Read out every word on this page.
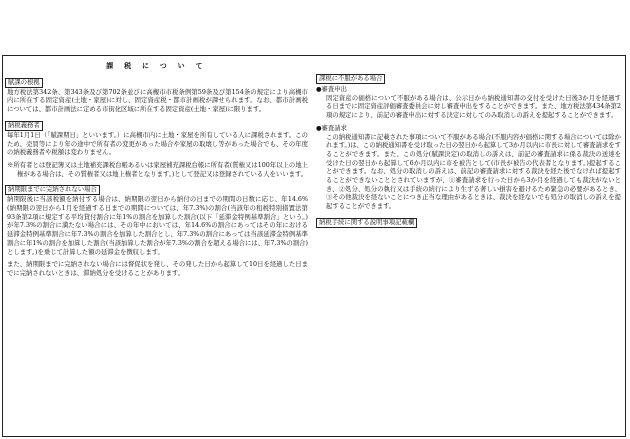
課 税 に つ い て
賦課の根拠

地方税法第342条、第343条及び第702条並びに高槻市市税条例第59条及び第154条の規定により高槻市内に所在する固定資産(土地・家屋)に対し、固定資産税・都市計画税が課せられます。なお、都市計画税については、都市計画法に定める市街化区域に所在する固定資産(土地・家屋)に限ります。

納税義務者

毎年1月1日（「賦課期日」といいます。）に高槻市内に土地・家屋を所有している人に課税されます。このため、売買等により年の途中で所有者の変更があった場合や家屋の取壊し等があった場合でも、その年度の納税義務者や税額は変わりません。

※所有者とは登記簿又は土地補充課税台帳あるいは家屋補充課税台帳に所有者(質権又は100年以上の地上権がある場合は、その質権者又は地上権者となります。)として登記又は登録されている人をいいます。

納期限までに完納されない場合

納期限後に当該税額を納付する場合は、納期限の翌日から納付の日までの期間の日数に応じ、年14.6%(納期限の翌日から1月を経過する日までの期間については、年7.3%)の割合(当該年の租税特別措置法第93条第2項に規定する平均貸付割合に年1%の割合を加算した割合(以下「延滞金特例基準割合」という。)が年7.3%の割合に満たない場合には、その年中においては、年14.6%の割合にあってはその年における延滞金特例基準割合に年7.3%の割合を加算した割合とし、年7.3%の割合にあっては当該延滞金特例基準割合に年1%の割合を加算した割合(当該加算した割合が年7.3%の割合を超える場合には、年7.3%の割合)とします。)を乗じて計算した額の延滞金を徴収します。

また、納期限までに完納されない場合には督促状を発し、その発した日から起算して10日を経過した日までに完納されないときは、滞納処分を受けることがあります。

課税に不服がある場合
●審査申出

固定資産の価格について不服がある場合は、公示日から納税通知書の交付を受けた日後3か月を経過する日までに固定資産評価審査委員会に対し審査申出をすることができます。また、地方税法第434条第2項の規定により、前記の審査申出に対する決定に対してのみ取消しの訴えを提起することができます。

●審査請求

この納税通知書に記載された事項について不服がある場合(不服内容が価格に関する場合については除かれます。)は、この納税通知書を受け取った日の翌日から起算して3か月以内に市長に対して審査請求をすることができます。また、この処分(賦課決定)の取消しの訴えは、前記の審査請求に係る裁決の送達を受けた日の翌日から起算して6か月以内に市を被告として(市長が被告の代表者となります。)提起することができます。なお、処分の取消しの訴えは、前記の審査請求に対する裁決を経た後でなければ提起することができないこととされていますが、①審査請求を行った日から3か月を経過しても裁決がないとき、②処分、処分の執行又は手続の続行により生ずる著しい損害を避けるため緊急の必要があるとき、③その他裁決を経ないことにつき正当な理由があるときは、裁決を経ないでも処分の取消しの訴えを提起することができます。

納税手続に関する説明事項記載欄
